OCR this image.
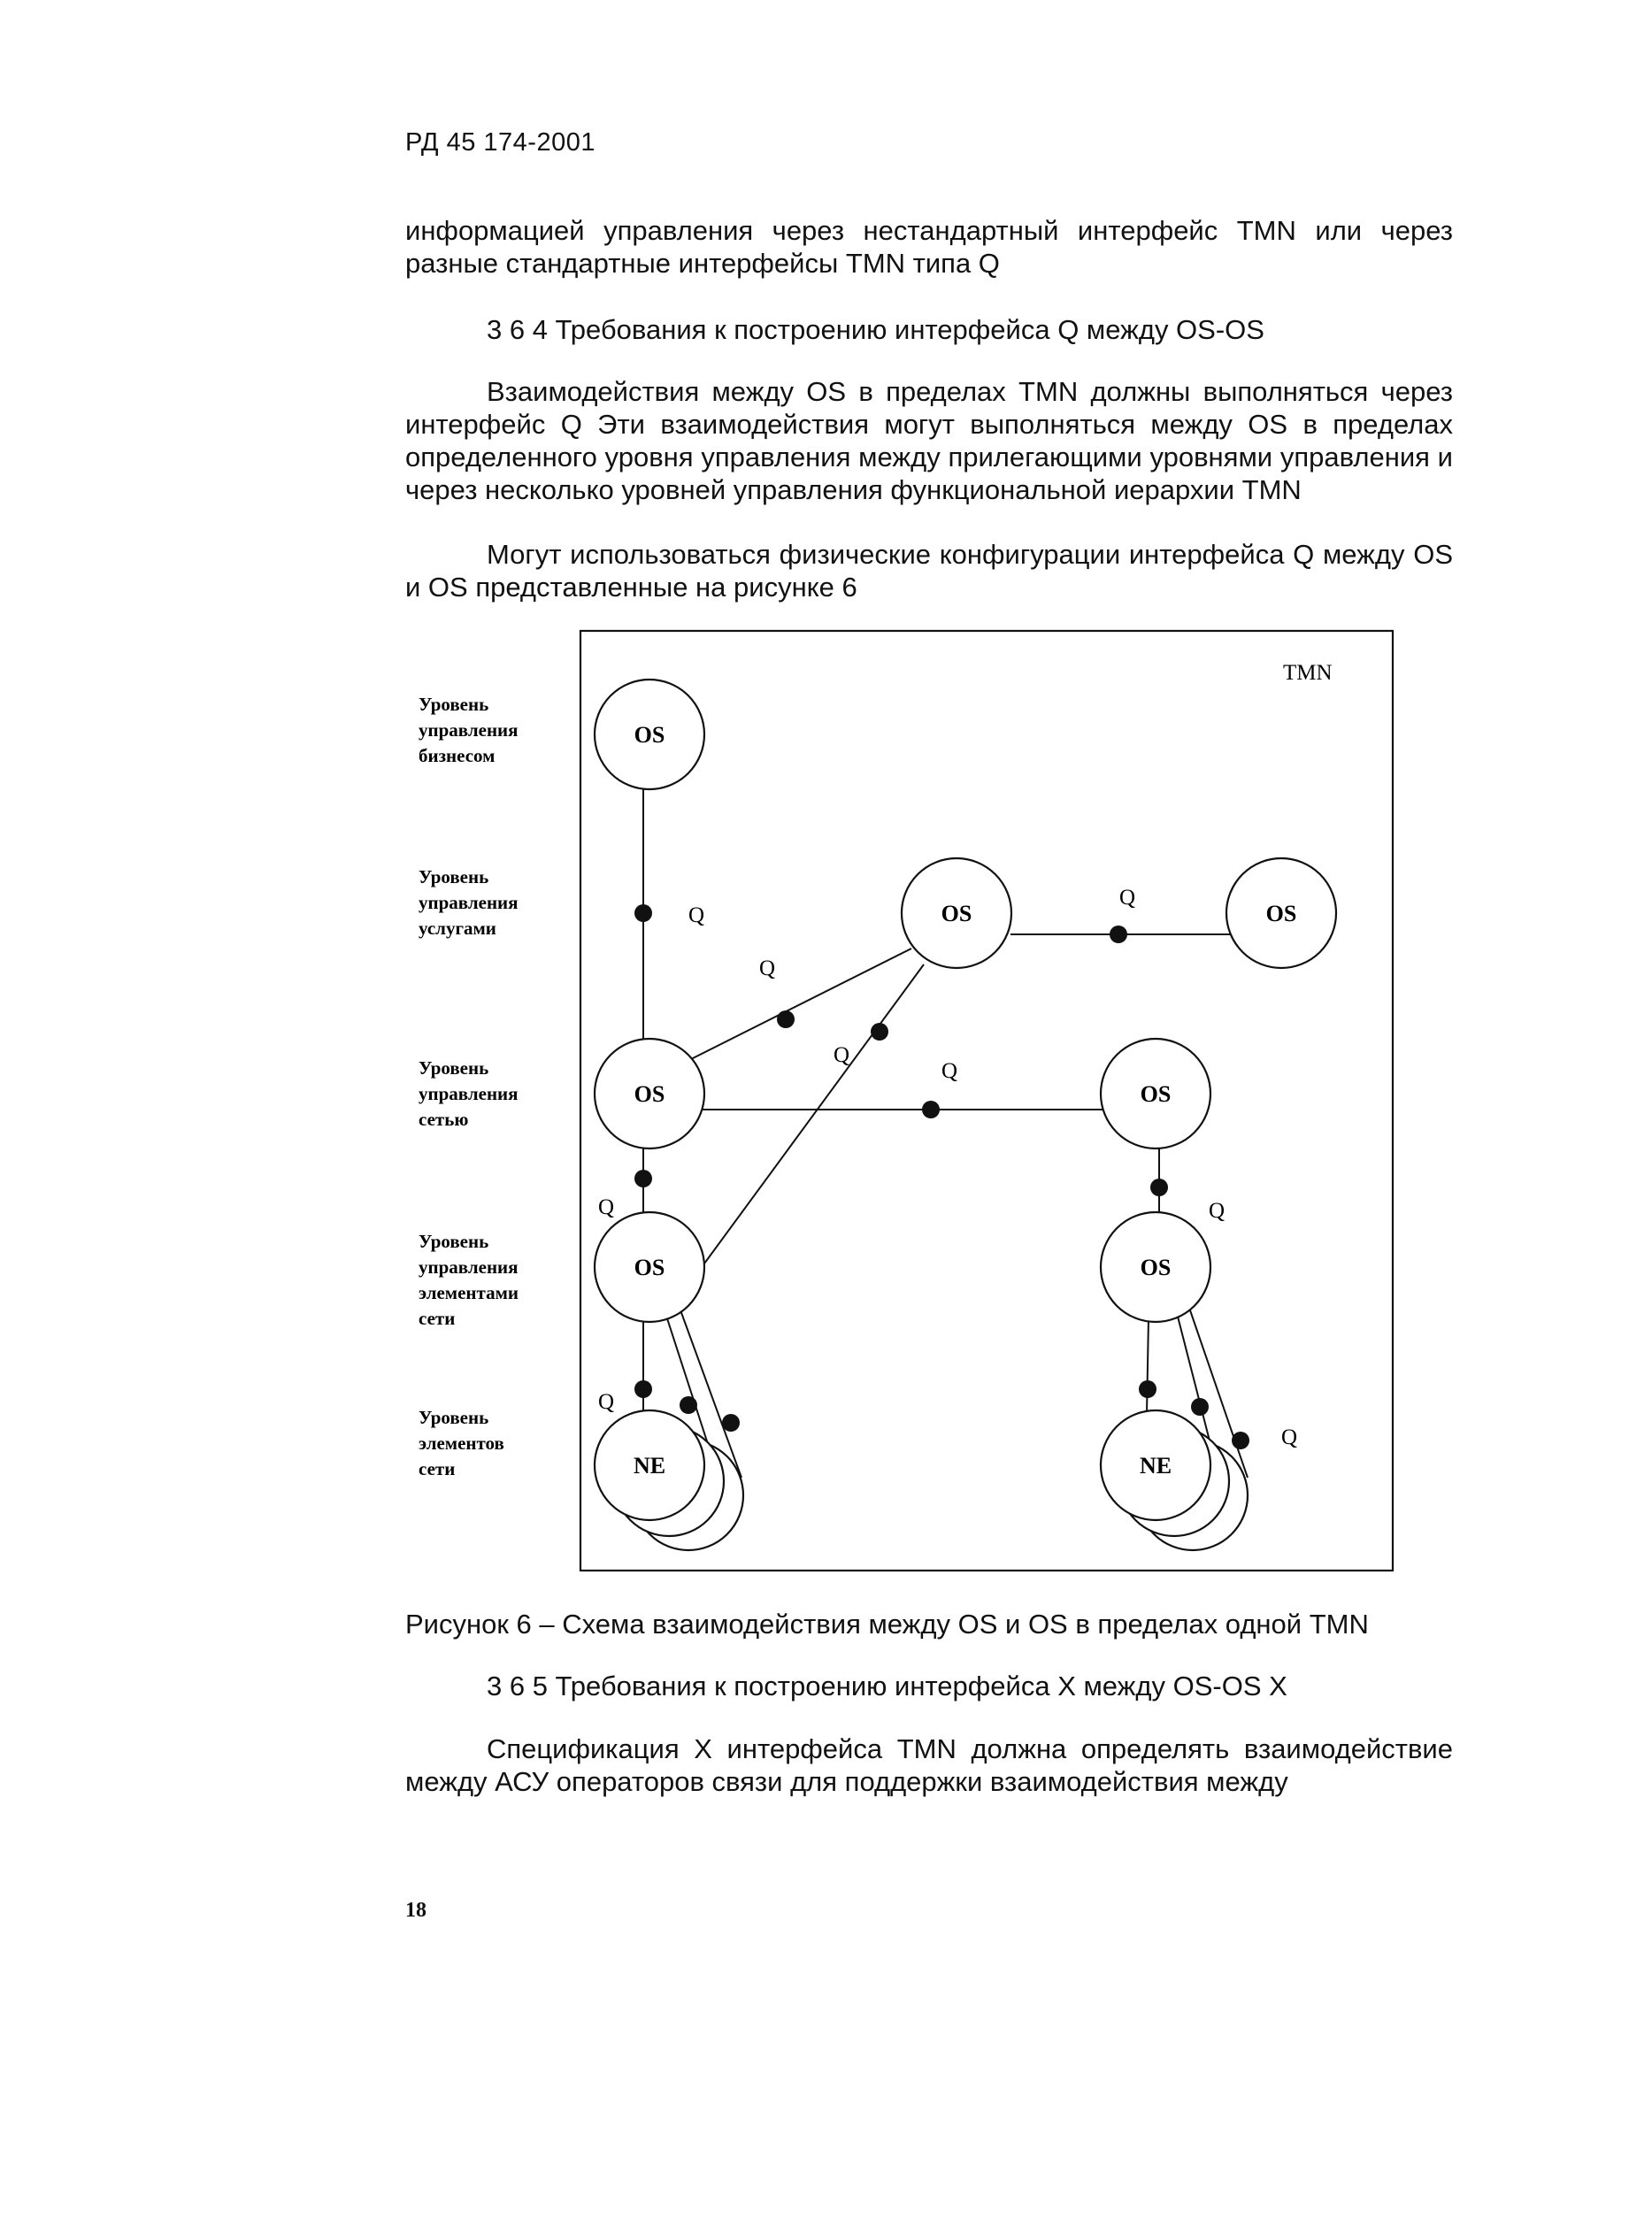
РД 45 174-2001
информацией управления через нестандартный интерфейс TMN или через разные стандартные интерфейсы TMN типа Q
3 6 4 Требования к построению интерфейса Q между OS-OS
Взаимодействия между OS в пределах TMN должны выполняться через интерфейс Q Эти взаимодействия могут выполняться между OS в пределах определенного уровня управления между прилегающими уровнями управления и через несколько уровней управления функциональной иерархии TMN
Могут использоваться физические конфигурации интерфейса Q между OS и OS представленные на рисунке 6
TMN
Уровень управления бизнесом
Уровень управления услугами
Уровень управления сетью
Уровень управления элементами сети
Уровень элементов сети
Q
Q
Q
Q
Q
Q	Q
Q
Q
OS
OS	OS
OS	OS
OS	OS
NE	NE
Рисунок 6 – Схема взаимодействия между OS и OS в пределах одной TMN
3 6 5 Требования к построению интерфейса X между OS-OS X
Спецификация X интерфейса TMN должна определять взаимодействие между АСУ операторов связи для поддержки взаимодействия между
18
